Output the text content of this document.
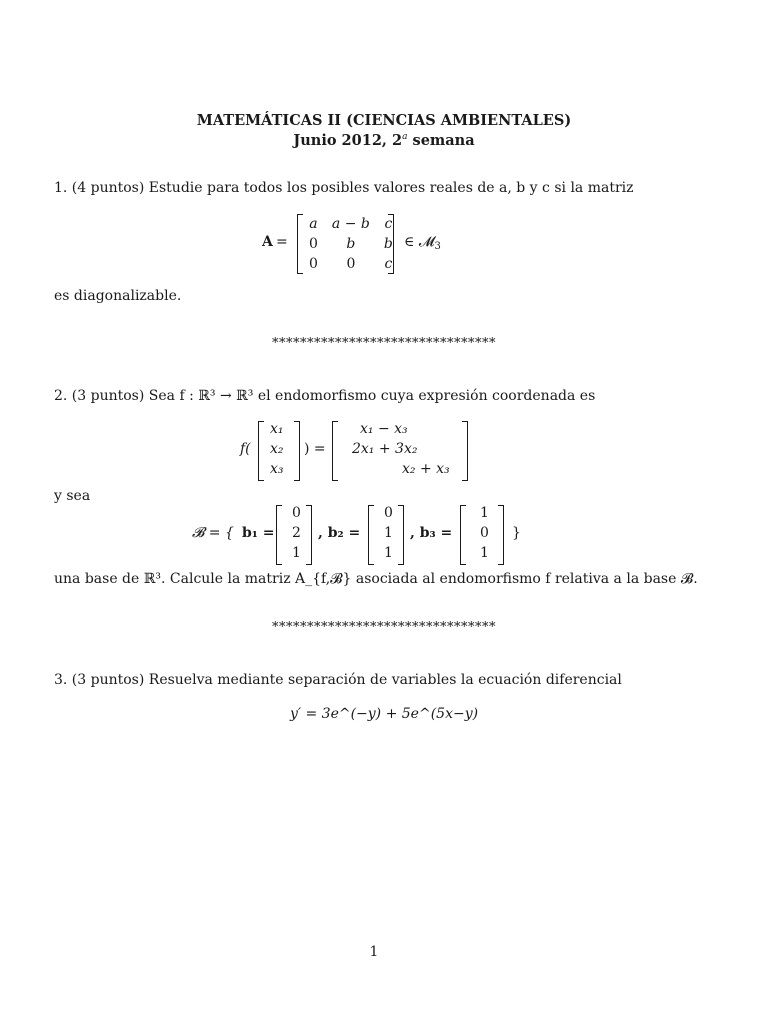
MATEMÁTICAS II (CIENCIAS AMBIENTALES)
Junio 2012, 2$^a$ semana
1. (4 puntos) Estudie para todos los posibles valores reales de a, b y c si la matriz
A =
a	a − b	c
0	b	b
0	0	c
∈ 𝓜$_3$
es diagonalizable.
********************************
2. (3 puntos) Sea f : ℝ³ → ℝ³ el endomorfismo cuya expresión coordenada es
f(
x₁
x₂
x₃
) =
x₁ − x₃
2x₁ + 3x₂
x₂ + x₃
y sea
𝓑 = { b₁ =
0
2
1
, b₂ =
0
1
1
, b₃ =
1
0
1
}
una base de ℝ³. Calcule la matriz A_{f,𝓑} asociada al endomorfismo f relativa a la base 𝓑.
********************************
3. (3 puntos) Resuelva mediante separación de variables la ecuación diferencial
y′ = 3e^(−y) + 5e^(5x−y)
1
